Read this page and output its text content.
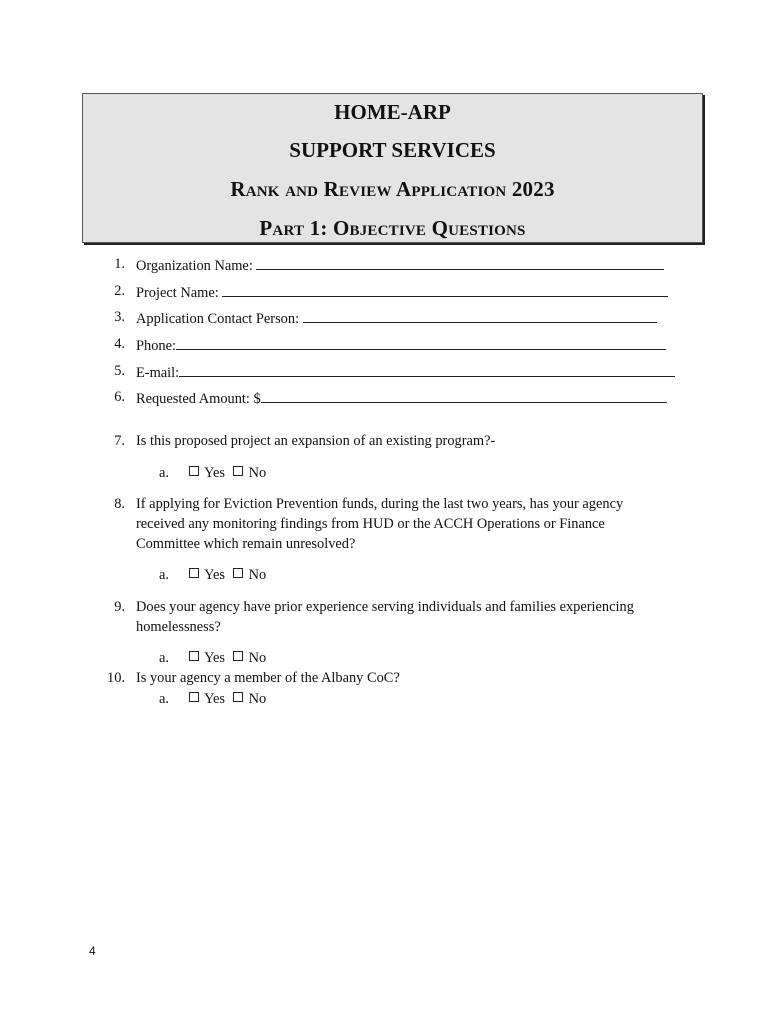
HOME-ARP
SUPPORT SERVICES
Rank and Review Application 2023
Part 1: Objective Questions
1. Organization Name:
2. Project Name:
3. Application Contact Person:
4. Phone:
5. E-mail:
6. Requested Amount: $
7. Is this proposed project an expansion of an existing program?-
a. Yes No
8. If applying for Eviction Prevention funds, during the last two years, has your agency
received any monitoring findings from HUD or the ACCH Operations or Finance
Committee which remain unresolved?
a. Yes No
9. Does your agency have prior experience serving individuals and families experiencing
homelessness?
a. Yes No
10. Is your agency a member of the Albany CoC?
a. Yes No
4
